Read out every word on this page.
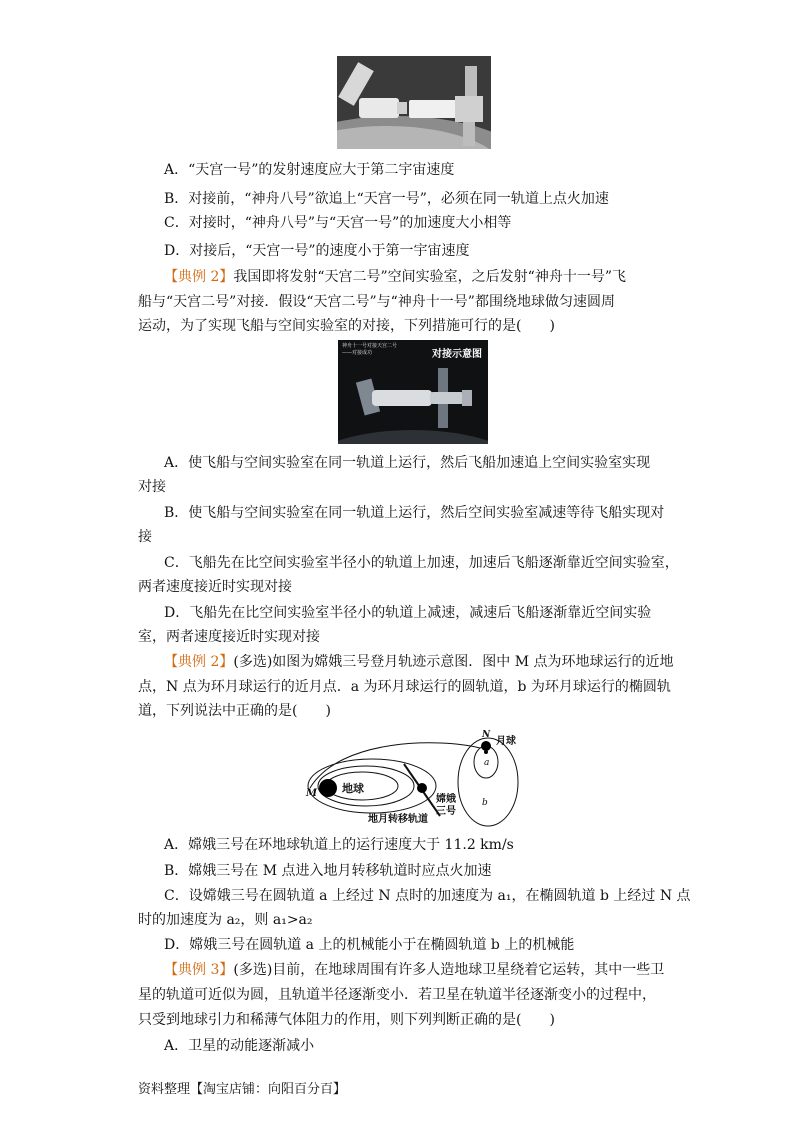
A．“天宫一号”的发射速度应大于第二宇宙速度
B．对接前，“神舟八号”欲追上“天宫一号”，必须在同一轨道上点火加速
C．对接时，“神舟八号”与“天宫一号”的加速度大小相等
D．对接后，“天宫一号”的速度小于第一宇宙速度
【典例 2】我国即将发射“天宫二号”空间实验室，之后发射“神舟十一号”飞
船与“天宫二号”对接．假设“天宫二号”与“神舟十一号”都围绕地球做匀速圆周
运动，为了实现飞船与空间实验室的对接，下列措施可行的是(　　)
神舟十一号对接天宫二号
——对接成功	对接示意图
A．使飞船与空间实验室在同一轨道上运行，然后飞船加速追上空间实验室实现
对接
B．使飞船与空间实验室在同一轨道上运行，然后空间实验室减速等待飞船实现对
接
C．飞船先在比空间实验室半径小的轨道上加速，加速后飞船逐渐靠近空间实验室，
两者速度接近时实现对接
D．飞船先在比空间实验室半径小的轨道上减速，减速后飞船逐渐靠近空间实验
室，两者速度接近时实现对接
【典例 2】(多选)如图为嫦娥三号登月轨迹示意图．图中 M 点为环地球运行的近地
点，N 点为环月球运行的近月点．a 为环月球运行的圆轨道，b 为环月球运行的椭圆轨
道，下列说法中正确的是(　　)
地球
M
地月转移轨道
嫦娥
三号
月球
N
a
b
A．嫦娥三号在环地球轨道上的运行速度大于 11.2 km/s
B．嫦娥三号在 M 点进入地月转移轨道时应点火加速
C．设嫦娥三号在圆轨道 a 上经过 N 点时的加速度为 a₁，在椭圆轨道 b 上经过 N 点
时的加速度为 a₂，则 a₁>a₂
D．嫦娥三号在圆轨道 a 上的机械能小于在椭圆轨道 b 上的机械能
【典例 3】(多选)目前，在地球周围有许多人造地球卫星绕着它运转，其中一些卫
星的轨道可近似为圆，且轨道半径逐渐变小．若卫星在轨道半径逐渐变小的过程中，
只受到地球引力和稀薄气体阻力的作用，则下列判断正确的是(　　)
A．卫星的动能逐渐减小
资料整理【淘宝店铺：向阳百分百】
